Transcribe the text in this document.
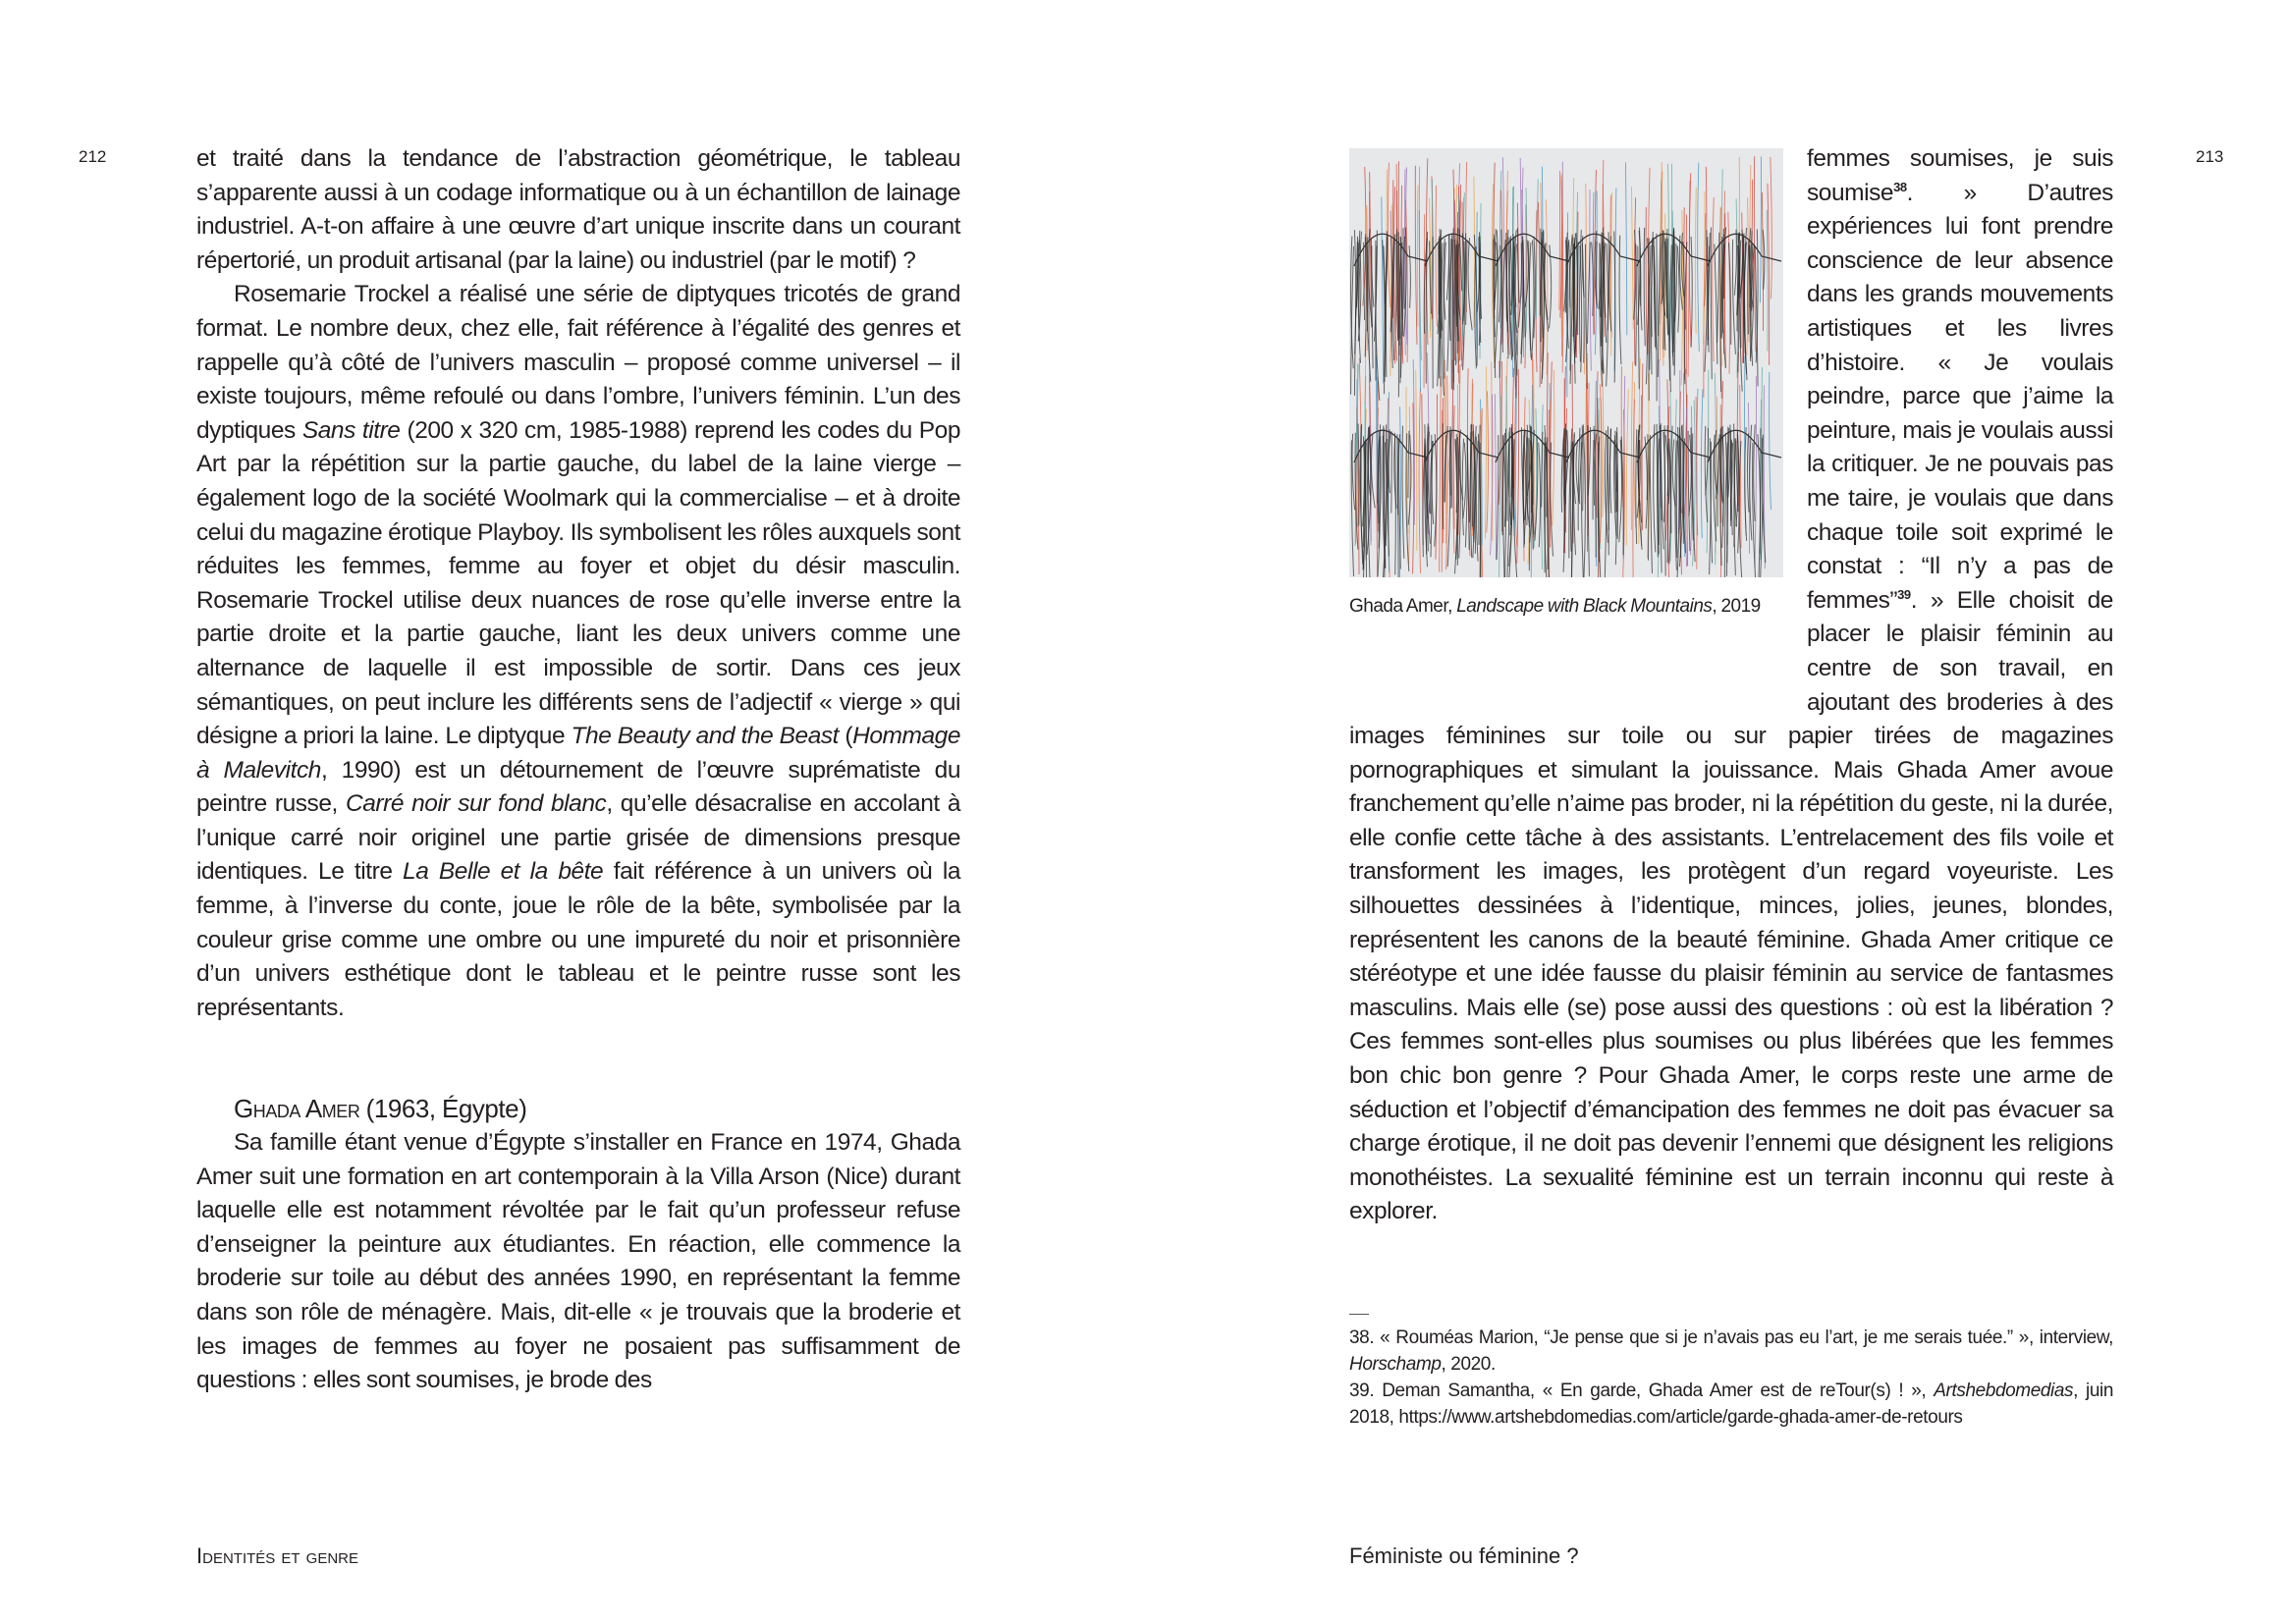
212	213

et traité dans la tendance de l’abstraction géométrique, le tableau s’apparente aussi à un codage informatique ou à un échantillon de lainage industriel. A-t-on affaire à une œuvre d’art unique inscrite dans un courant répertorié, un produit artisanal (par la laine) ou industriel (par le motif) ?

Rosemarie Trockel a réalisé une série de diptyques tricotés de grand format. Le nombre deux, chez elle, fait référence à l’égalité des genres et rappelle qu’à côté de l’univers masculin – proposé comme universel – il existe toujours, même refoulé ou dans l’ombre, l’univers féminin. L’un des dyptiques Sans titre (200 x 320 cm, 1985-1988) reprend les codes du Pop Art par la répétition sur la partie gauche, du label de la laine vierge – également logo de la société Woolmark qui la commercialise – et à droite celui du magazine érotique Playboy. Ils symbolisent les rôles auxquels sont réduites les femmes, femme au foyer et objet du désir masculin. Rosemarie Trockel utilise deux nuances de rose qu’elle inverse entre la partie droite et la partie gauche, liant les deux univers comme une alternance de laquelle il est impossible de sortir. Dans ces jeux sémantiques, on peut inclure les différents sens de l’adjectif « vierge » qui désigne a priori la laine. Le diptyque The Beauty and the Beast (Hommage à Malevitch, 1990) est un détournement de l’œuvre suprématiste du peintre russe, Carré noir sur fond blanc, qu’elle désacralise en accolant à l’unique carré noir originel une partie grisée de dimensions presque identiques. Le titre La Belle et la bête fait référence à un univers où la femme, à l’inverse du conte, joue le rôle de la bête, symbolisée par la couleur grise comme une ombre ou une impureté du noir et prisonnière d’un univers esthétique dont le tableau et le peintre russe sont les représentants.

Ghada Amer (1963, Égypte)

Sa famille étant venue d’Égypte s’installer en France en 1974, Ghada Amer suit une formation en art contemporain à la Villa Arson (Nice) durant laquelle elle est notamment révoltée par le fait qu’un professeur refuse d’enseigner la peinture aux étudiantes. En réaction, elle commence la broderie sur toile au début des années 1990, en représentant la femme dans son rôle de ménagère. Mais, dit-elle « je trouvais que la broderie et les images de femmes au foyer ne posaient pas suffisamment de questions : elles sont soumises, je brode des

Ghada Amer, Landscape with Black Mountains, 2019

femmes soumises, je suis soumise$^{38}$. » D’autres expériences lui font prendre conscience de leur absence dans les grands mouvements artistiques et les livres d’histoire. « Je voulais peindre, parce que j’aime la peinture, mais je voulais aussi la critiquer. Je ne pouvais pas me taire, je voulais que dans chaque toile soit exprimé le constat : “Il n’y a pas de femmes”$^{39}$. » Elle choisit de placer le plaisir féminin au centre de son travail, en ajoutant des broderies à des images féminines sur toile ou sur papier tirées de magazines pornographiques et simulant la jouissance. Mais Ghada Amer avoue franchement qu’elle n’aime pas broder, ni la répétition du geste, ni la durée, elle confie cette tâche à des assistants. L’entrelacement des fils voile et transforment les images, les protègent d’un regard voyeuriste. Les silhouettes dessinées à l’identique, minces, jolies, jeunes, blondes, représentent les canons de la beauté féminine. Ghada Amer critique ce stéréotype et une idée fausse du plaisir féminin au service de fantasmes masculins. Mais elle (se) pose aussi des questions : où est la libération ? Ces femmes sont-elles plus soumises ou plus libérées que les femmes bon chic bon genre ? Pour Ghada Amer, le corps reste une arme de séduction et l’objectif d’émancipation des femmes ne doit pas évacuer sa charge érotique, il ne doit pas devenir l’ennemi que désignent les religions monothéistes. La sexualité féminine est un terrain inconnu qui reste à explorer.

38. « Rouméas Marion, “Je pense que si je n’avais pas eu l’art, je me serais tuée.” », interview, Horschamp, 2020.
39. Deman Samantha, « En garde, Ghada Amer est de reTour(s) ! », Artshebdomedias, juin 2018, https://www.artshebdomedias.com/article/garde-ghada-amer-de-retours
Identités et genre	Féministe ou féminine ?
